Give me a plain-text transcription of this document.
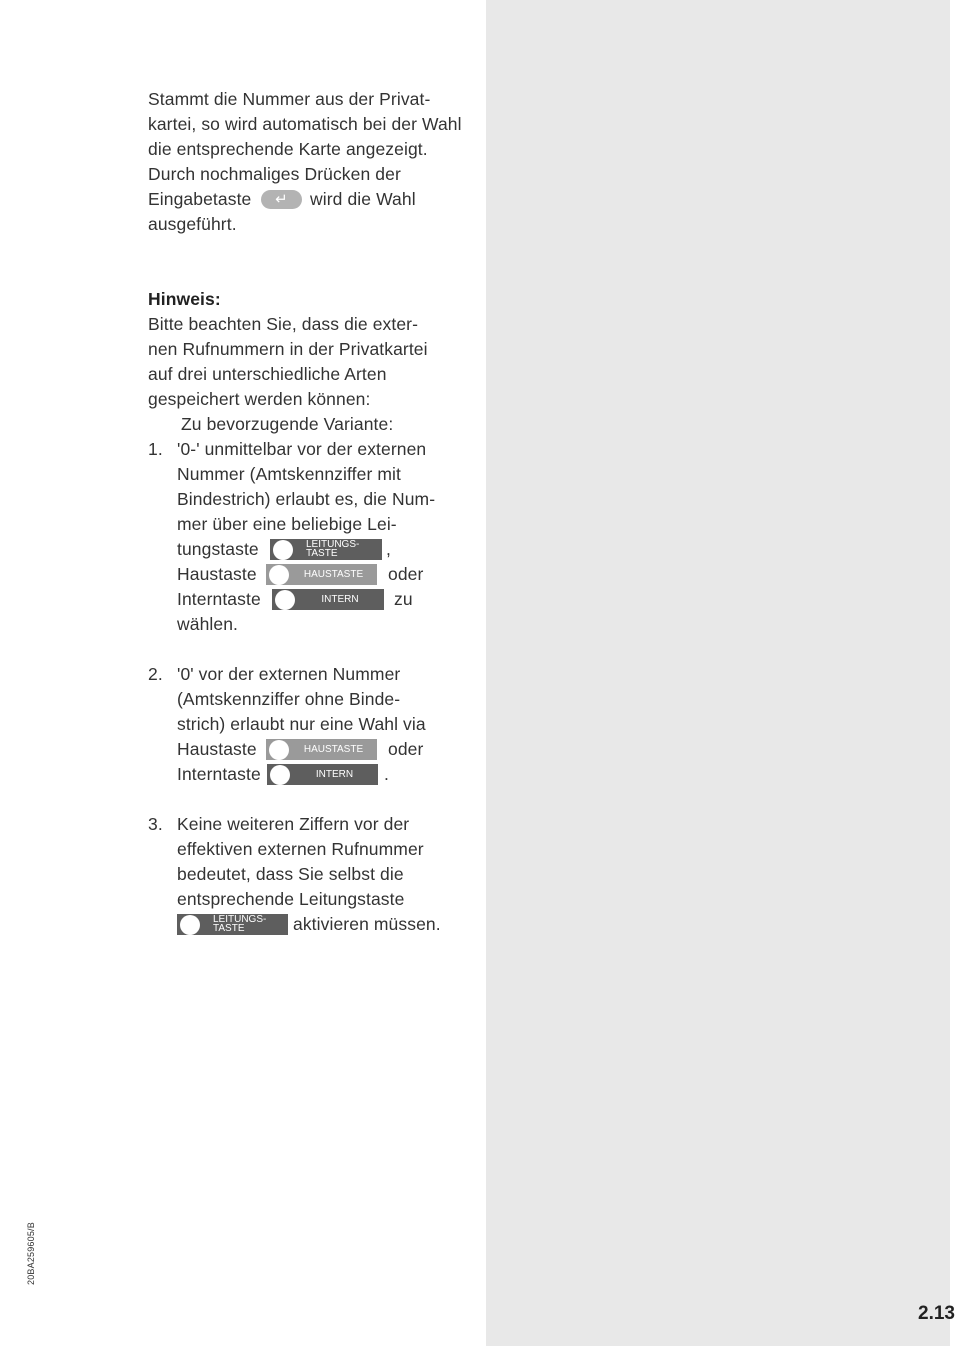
Stammt die Nummer aus der Privat-
kartei, so wird automatisch bei der Wahl
die entsprechende Karte angezeigt.
Durch nochmaliges Drücken der
Eingabetaste	↵	wird die Wahl
ausgeführt.
Hinweis:
Bitte beachten Sie, dass die exter-
nen Rufnummern in der Privatkartei
auf drei unterschiedliche Arten
gespeichert werden können:
Zu bevorzugende Variante:
1. '0-' unmittelbar vor der externen
Nummer (Amtskennziffer mit
Bindestrich) erlaubt es, die Num-
mer über eine beliebige Lei-
tungstaste	LEITUNGS-
TASTE	,
Haustaste	HAUSTASTE	oder
Interntaste	INTERN	zu
wählen.
2. '0' vor der externen Nummer
(Amtskennziffer ohne Binde-
strich) erlaubt nur eine Wahl via
Haustaste	HAUSTASTE	oder
Interntaste	INTERN	.
3. Keine weiteren Ziffern vor der
effektiven externen Rufnummer
bedeutet, dass Sie selbst die
entsprechende Leitungstaste
LEITUNGS-
TASTE	aktivieren müssen.
20BA259605/B
2.13
